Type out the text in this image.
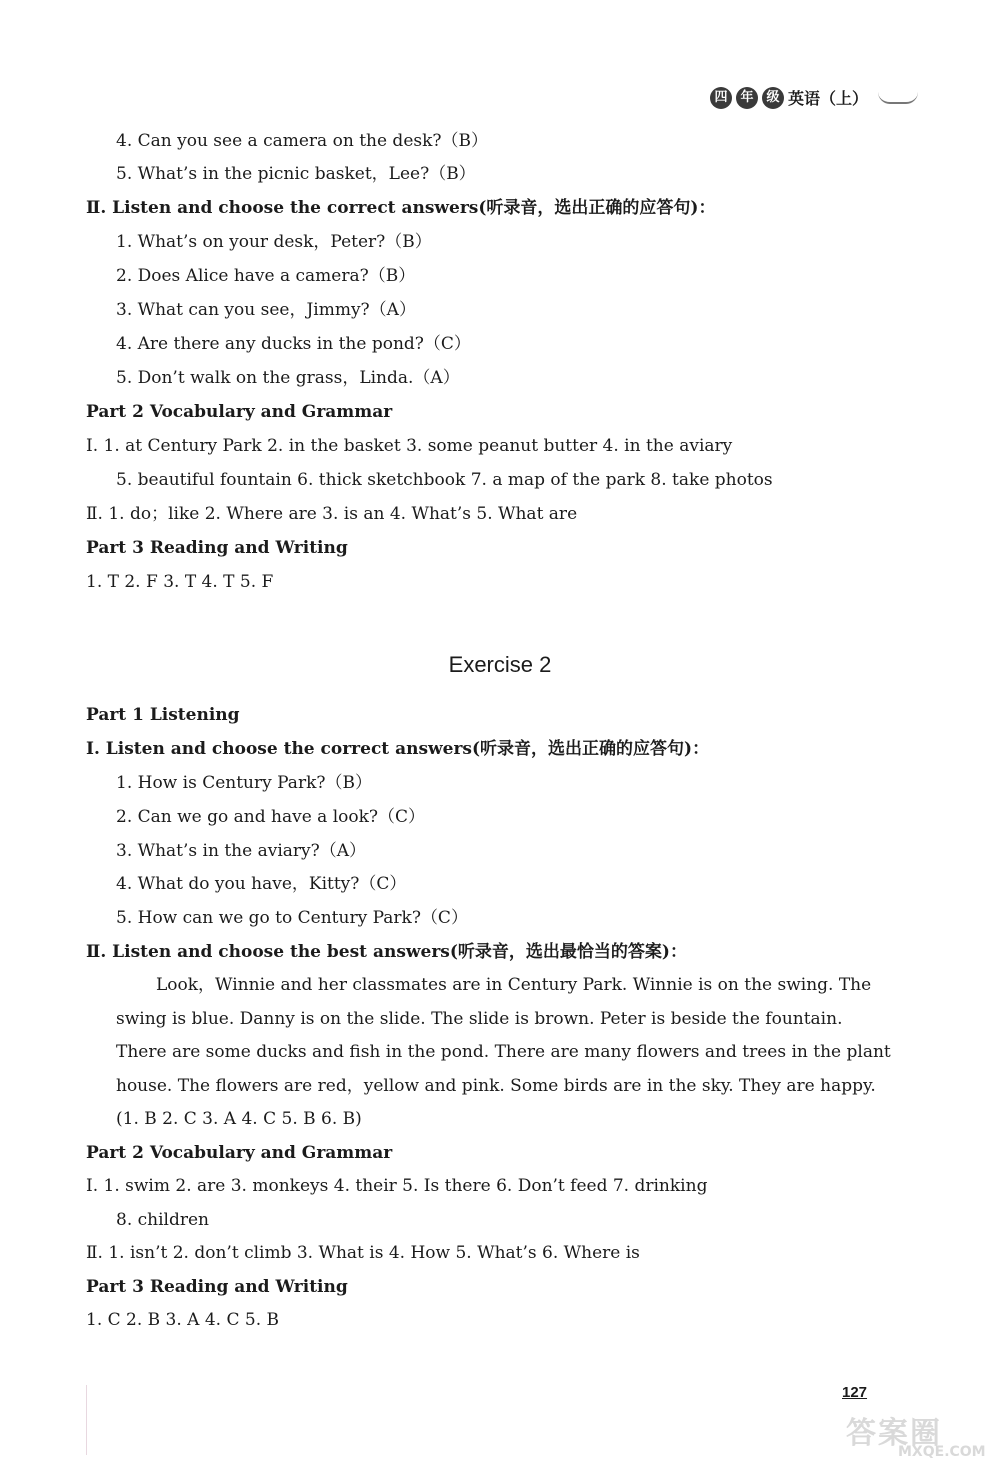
四 年 级 英语（上）
4. Can you see a camera on the desk?（B）
5. What’s in the picnic basket，Lee?（B）
Ⅱ. Listen and choose the correct answers(听录音，选出正确的应答句)：
1. What’s on your desk，Peter?（B）
2. Does Alice have a camera?（B）
3. What can you see，Jimmy?（A）
4. Are there any ducks in the pond?（C）
5. Don’t walk on the grass，Linda.（A）
Part 2 Vocabulary and Grammar
Ⅰ. 1. at Century Park 2. in the basket 3. some peanut butter 4. in the aviary
5. beautiful fountain 6. thick sketchbook 7. a map of the park 8. take photos
Ⅱ. 1. do；like 2. Where are 3. is an 4. What’s 5. What are
Part 3 Reading and Writing
1. T 2. F 3. T 4. T 5. F
Exercise 2
Part 1 Listening
Ⅰ. Listen and choose the correct answers(听录音，选出正确的应答句)：
1. How is Century Park?（B）
2. Can we go and have a look?（C）
3. What’s in the aviary?（A）
4. What do you have，Kitty?（C）
5. How can we go to Century Park?（C）
Ⅱ. Listen and choose the best answers(听录音，选出最恰当的答案)：
Look，Winnie and her classmates are in Century Park. Winnie is on the swing. The
swing is blue. Danny is on the slide. The slide is brown. Peter is beside the fountain.
There are some ducks and fish in the pond. There are many flowers and trees in the plant
house. The flowers are red，yellow and pink. Some birds are in the sky. They are happy.
(1. B 2. C 3. A 4. C 5. B 6. B)
Part 2 Vocabulary and Grammar
Ⅰ. 1. swim 2. are 3. monkeys 4. their 5. Is there 6. Don’t feed 7. drinking
8. children
Ⅱ. 1. isn’t 2. don’t climb 3. What is 4. How 5. What’s 6. Where is
Part 3 Reading and Writing
1. C 2. B 3. A 4. C 5. B
127
答案圈
MXQE.COM
